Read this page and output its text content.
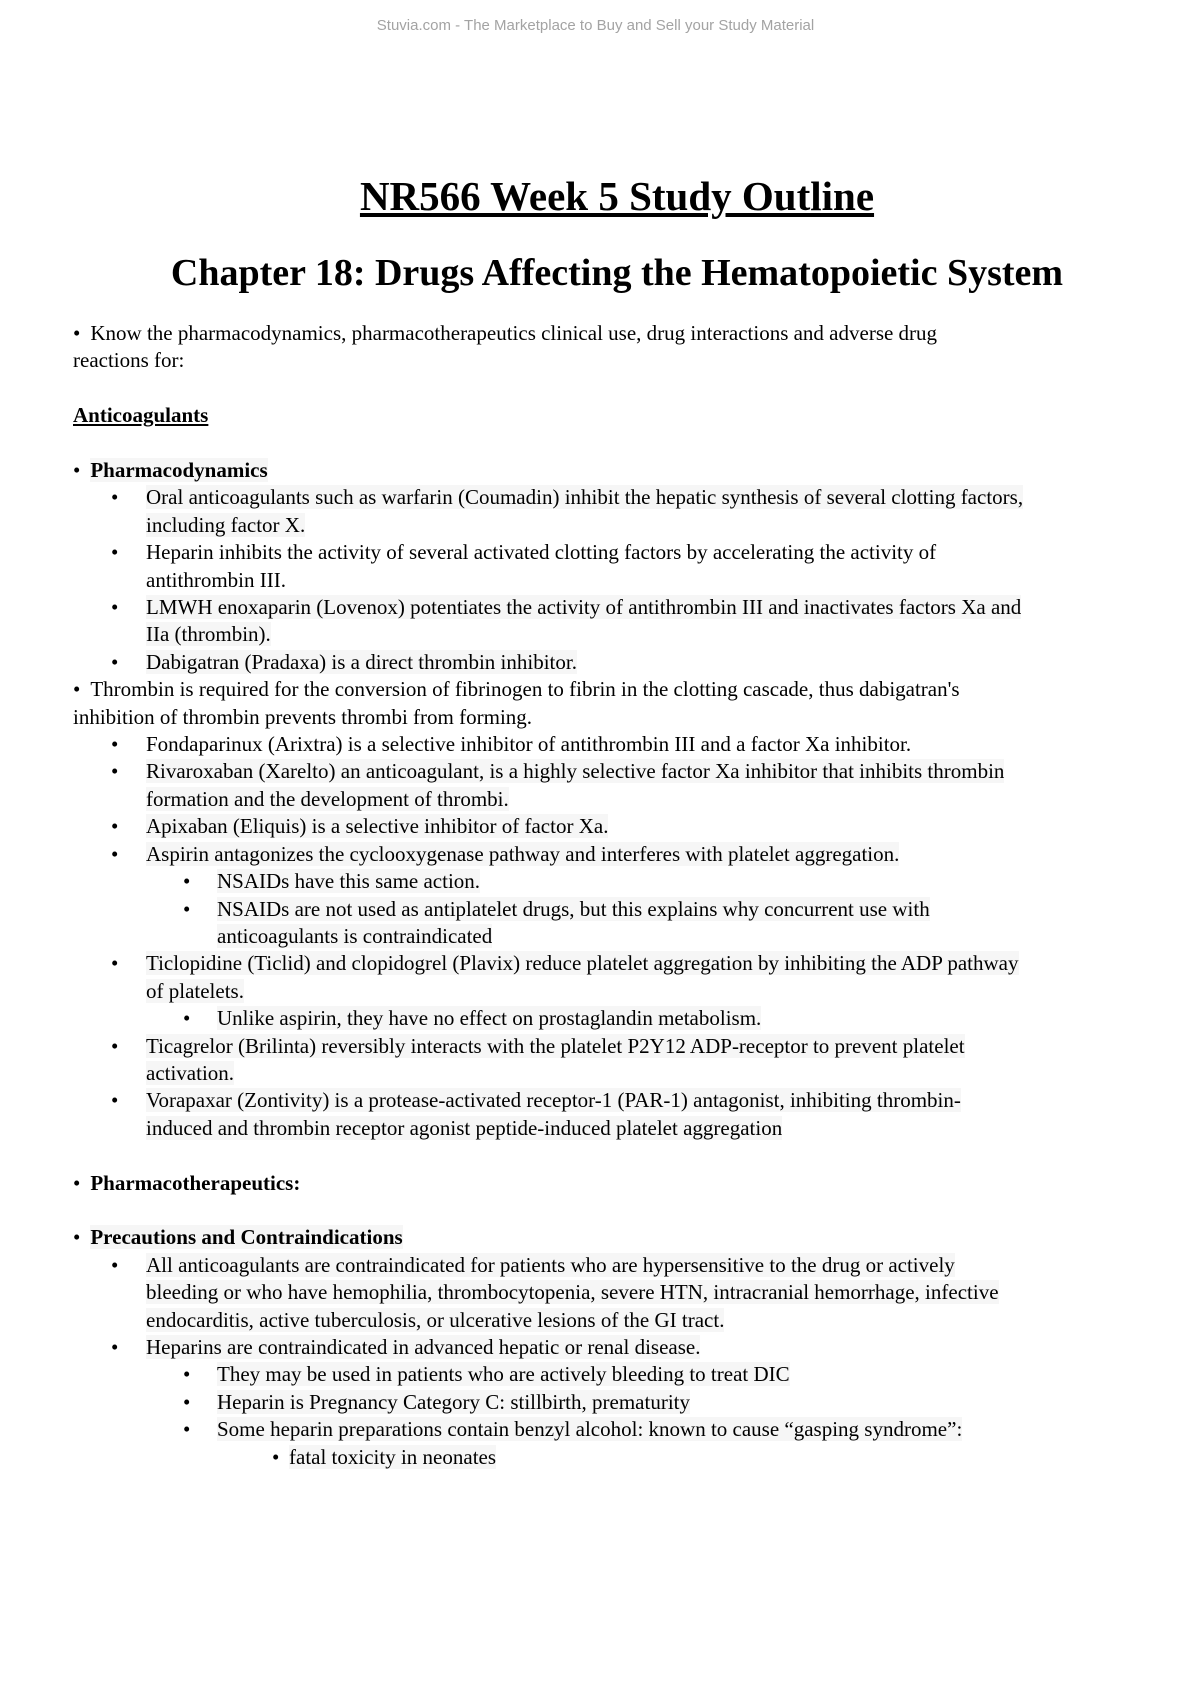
Stuvia.com - The Marketplace to Buy and Sell your Study Material
NR566 Week 5 Study Outline
Chapter 18: Drugs Affecting the Hematopoietic System
• Know the pharmacodynamics, pharmacotherapeutics clinical use, drug interactions and adverse drug
reactions for:
Anticoagulants
• Pharmacodynamics
• Oral anticoagulants such as warfarin (Coumadin) inhibit the hepatic synthesis of several clotting factors,
including factor X.
• Heparin inhibits the activity of several activated clotting factors by accelerating the activity of
antithrombin III.
• LMWH enoxaparin (Lovenox) potentiates the activity of antithrombin III and inactivates factors Xa and
IIa (thrombin).
• Dabigatran (Pradaxa) is a direct thrombin inhibitor.
• Thrombin is required for the conversion of fibrinogen to fibrin in the clotting cascade, thus dabigatran's
inhibition of thrombin prevents thrombi from forming.
• Fondaparinux (Arixtra) is a selective inhibitor of antithrombin III and a factor Xa inhibitor.
• Rivaroxaban (Xarelto) an anticoagulant, is a highly selective factor Xa inhibitor that inhibits thrombin
formation and the development of thrombi.
• Apixaban (Eliquis) is a selective inhibitor of factor Xa.
• Aspirin antagonizes the cyclooxygenase pathway and interferes with platelet aggregation.
• NSAIDs have this same action.
• NSAIDs are not used as antiplatelet drugs, but this explains why concurrent use with
anticoagulants is contraindicated
• Ticlopidine (Ticlid) and clopidogrel (Plavix) reduce platelet aggregation by inhibiting the ADP pathway
of platelets.
• Unlike aspirin, they have no effect on prostaglandin metabolism.
• Ticagrelor (Brilinta) reversibly interacts with the platelet P2Y12 ADP-receptor to prevent platelet
activation.
• Vorapaxar (Zontivity) is a protease-activated receptor-1 (PAR-1) antagonist, inhibiting thrombin-
induced and thrombin receptor agonist peptide-induced platelet aggregation
• Pharmacotherapeutics:
• Precautions and Contraindications
• All anticoagulants are contraindicated for patients who are hypersensitive to the drug or actively
bleeding or who have hemophilia, thrombocytopenia, severe HTN, intracranial hemorrhage, infective
endocarditis, active tuberculosis, or ulcerative lesions of the GI tract.
• Heparins are contraindicated in advanced hepatic or renal disease.
• They may be used in patients who are actively bleeding to treat DIC
• Heparin is Pregnancy Category C: stillbirth, prematurity
• Some heparin preparations contain benzyl alcohol: known to cause “gasping syndrome”:
• fatal toxicity in neonates
